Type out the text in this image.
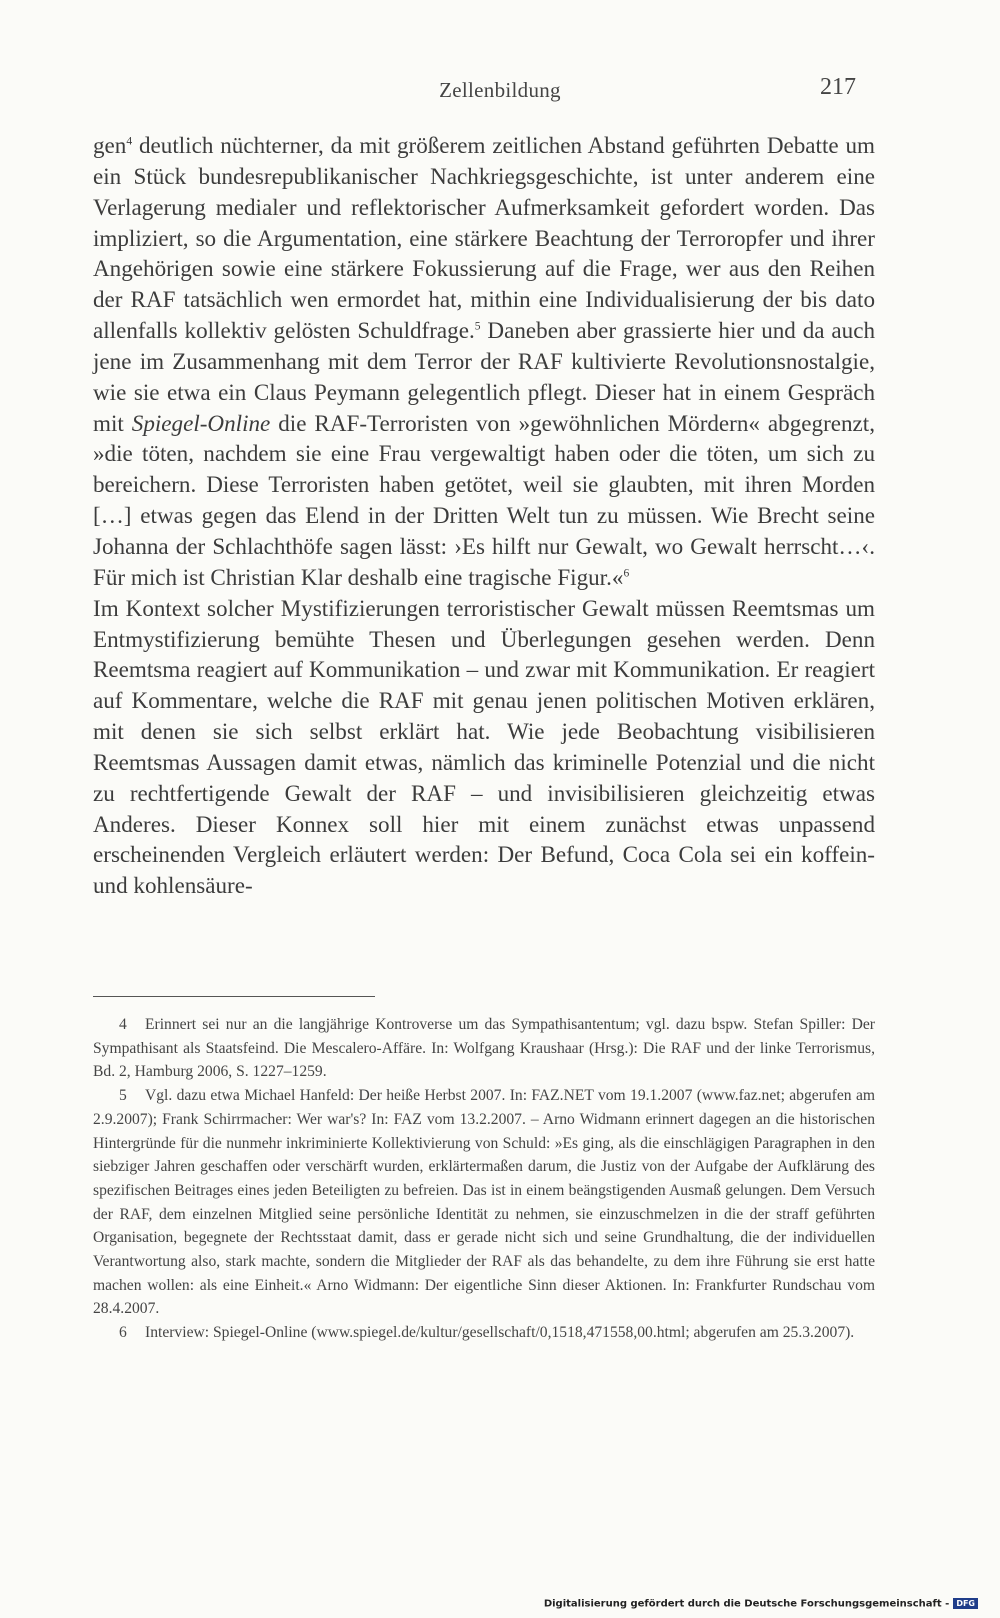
Zellenbildung	217

gen$^4$ deutlich nüchterner, da mit größerem zeitlichen Abstand geführten Debatte um ein Stück bundesrepublikanischer Nachkriegsgeschichte, ist unter anderem eine Verlagerung medialer und reflektorischer Aufmerksamkeit gefordert worden. Das impliziert, so die Argumentation, eine stärkere Beachtung der Terroropfer und ihrer Angehörigen sowie eine stärkere Fokussierung auf die Frage, wer aus den Reihen der RAF tatsächlich wen ermordet hat, mithin eine Individualisierung der bis dato allenfalls kollektiv gelösten Schuldfrage.$^5$ Daneben aber grassierte hier und da auch jene im Zusammenhang mit dem Terror der RAF kultivierte Revolutionsnostalgie, wie sie etwa ein Claus Peymann gelegentlich pflegt. Dieser hat in einem Gespräch mit Spiegel-Online die RAF-Terroristen von »gewöhnlichen Mördern« abgegrenzt, »die töten, nachdem sie eine Frau vergewaltigt haben oder die töten, um sich zu bereichern. Diese Terroristen haben getötet, weil sie glaubten, mit ihren Morden […] etwas gegen das Elend in der Dritten Welt tun zu müssen. Wie Brecht seine Johanna der Schlachthöfe sagen lässt: ›Es hilft nur Gewalt, wo Gewalt herrscht…‹. Für mich ist Christian Klar deshalb eine tragische Figur.«$^6$

Im Kontext solcher Mystifizierungen terroristischer Gewalt müssen Reemtsmas um Entmystifizierung bemühte Thesen und Überlegungen gesehen werden. Denn Reemtsma reagiert auf Kommunikation – und zwar mit Kommunikation. Er reagiert auf Kommentare, welche die RAF mit genau jenen politischen Motiven erklären, mit denen sie sich selbst erklärt hat. Wie jede Beobachtung visibilisieren Reemtsmas Aussagen damit etwas, nämlich das kriminelle Potenzial und die nicht zu rechtfertigende Gewalt der RAF – und invisibilisieren gleichzeitig etwas Anderes. Dieser Konnex soll hier mit einem zunächst etwas unpassend erscheinenden Vergleich erläutert werden: Der Befund, Coca Cola sei ein koffein- und kohlensäure-

4 Erinnert sei nur an die langjährige Kontroverse um das Sympathisantentum; vgl. dazu bspw. Stefan Spiller: Der Sympathisant als Staatsfeind. Die Mescalero-Affäre. In: Wolfgang Kraushaar (Hrsg.): Die RAF und der linke Terrorismus, Bd. 2, Hamburg 2006, S. 1227–1259.

5 Vgl. dazu etwa Michael Hanfeld: Der heiße Herbst 2007. In: FAZ.NET vom 19.1.2007 (www.faz.net; abgerufen am 2.9.2007); Frank Schirrmacher: Wer war's? In: FAZ vom 13.2.2007. – Arno Widmann erinnert dagegen an die historischen Hintergründe für die nunmehr inkriminierte Kollektivierung von Schuld: »Es ging, als die einschlägigen Paragraphen in den siebziger Jahren geschaffen oder verschärft wurden, erklärtermaßen darum, die Justiz von der Aufgabe der Aufklärung des spezifischen Beitrages eines jeden Beteiligten zu befreien. Das ist in einem beängstigenden Ausmaß gelungen. Dem Versuch der RAF, dem einzelnen Mitglied seine persönliche Identität zu nehmen, sie einzuschmelzen in die der straff geführten Organisation, begegnete der Rechtsstaat damit, dass er gerade nicht sich und seine Grundhaltung, die der individuellen Verantwortung also, stark machte, sondern die Mitglieder der RAF als das behandelte, zu dem ihre Führung sie erst hatte machen wollen: als eine Einheit.« Arno Widmann: Der eigentliche Sinn dieser Aktionen. In: Frankfurter Rundschau vom 28.4.2007.

6 Interview: Spiegel-Online (www.spiegel.de/kultur/gesellschaft/0,1518,471558,00.html; abgerufen am 25.3.2007).

Digitalisierung gefördert durch die Deutsche Forschungsgemeinschaft - DFG
